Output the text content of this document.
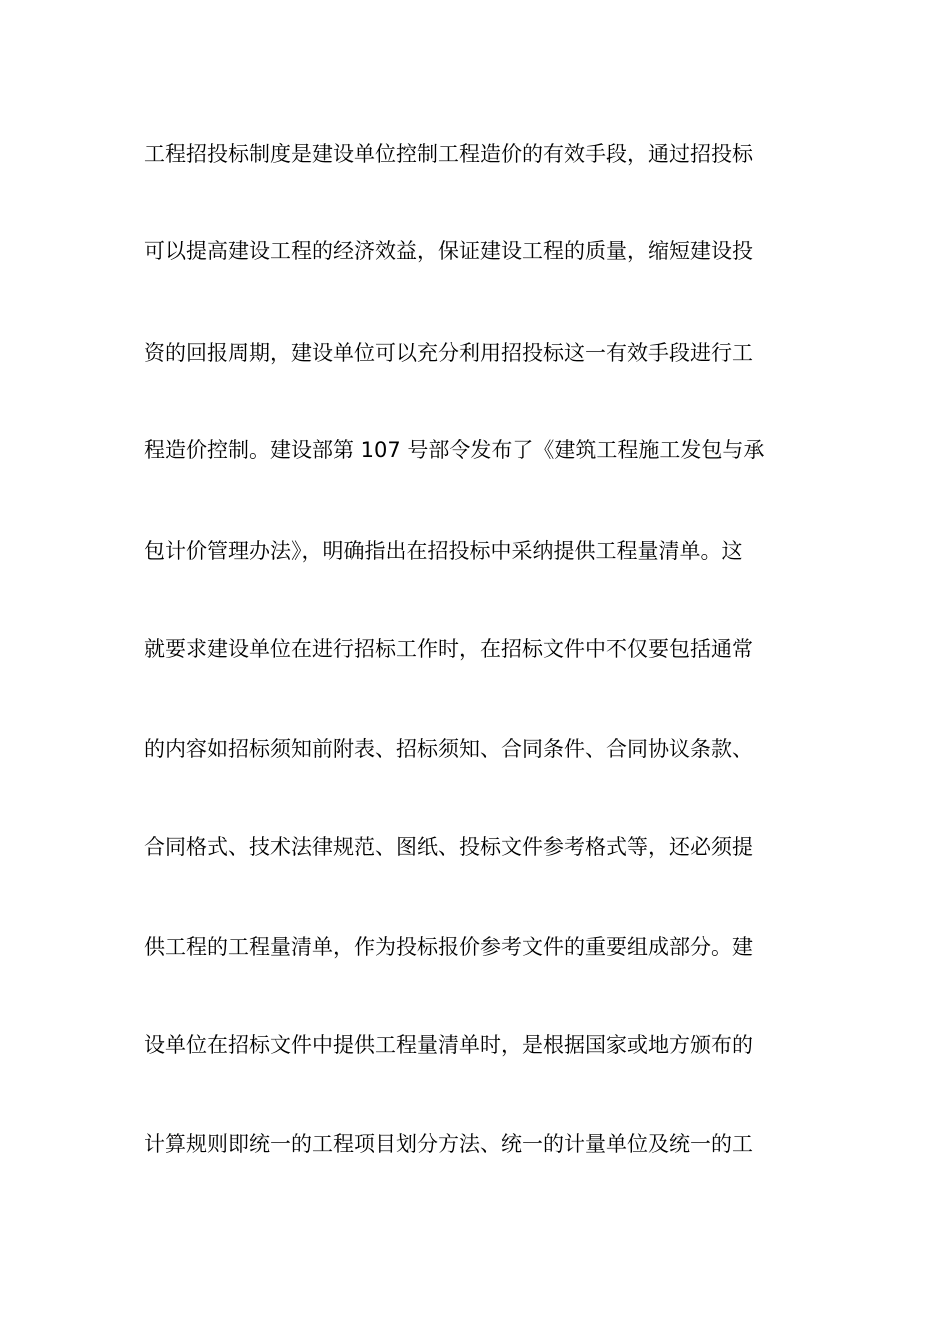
工程招投标制度是建设单位控制工程造价的有效手段，通过招投标
可以提高建设工程的经济效益，保证建设工程的质量，缩短建设投
资的回报周期，建设单位可以充分利用招投标这一有效手段进行工
程造价控制。建设部第 107 号部令发布了《建筑工程施工发包与承
包计价管理办法》，明确指出在招投标中采纳提供工程量清单。这
就要求建设单位在进行招标工作时，在招标文件中不仅要包括通常
的内容如招标须知前附表、招标须知、合同条件、合同协议条款、
合同格式、技术法律规范、图纸、投标文件参考格式等，还必须提
供工程的工程量清单，作为投标报价参考文件的重要组成部分。建
设单位在招标文件中提供工程量清单时，是根据国家或地方颁布的
计算规则即统一的工程项目划分方法、统一的计量单位及统一的工
